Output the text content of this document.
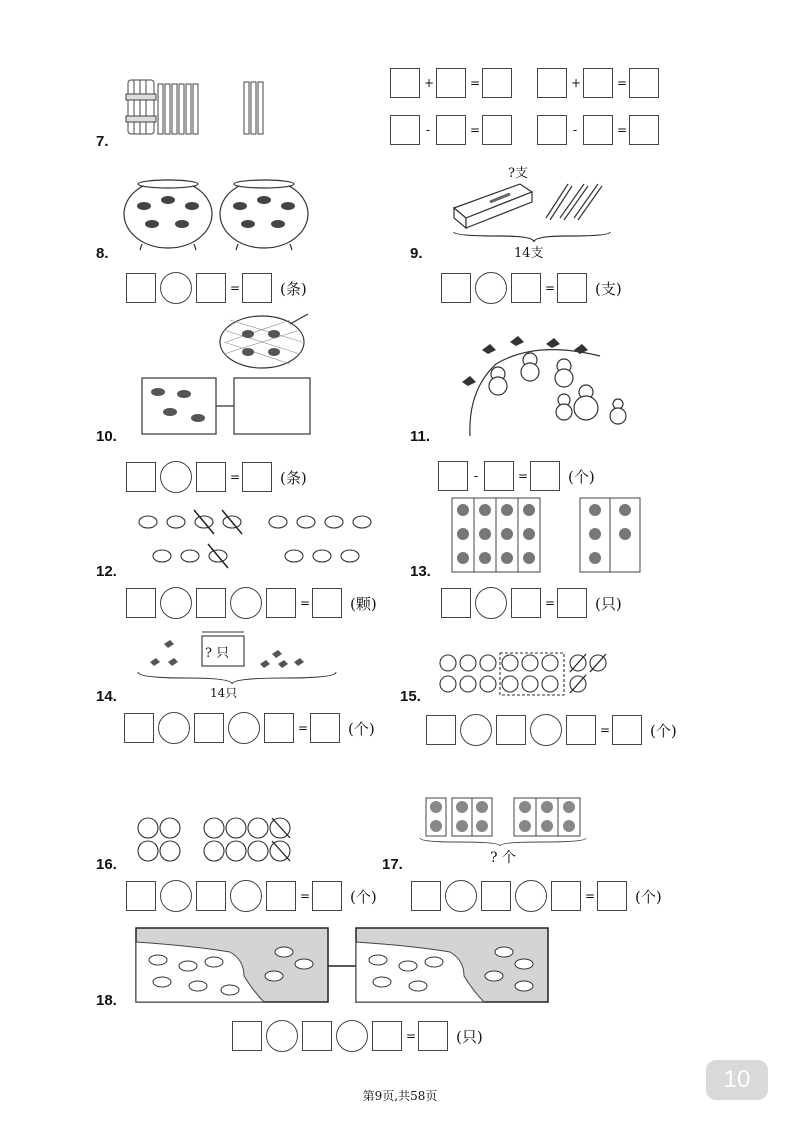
7.
+	=	+	=
-	=	-	=
8.
=	(条)
?支
14支
9.
=	(支)
10.
=	(条)
11.
-	=	(个)
12.
=	(颗)
13.
=	(只)
? 只
14只
14.
=	(个)
15.
=	(个)
16.
=	(个)
? 个
17.
=	(个)
18.
=	(只)
第9页,共58页
10
